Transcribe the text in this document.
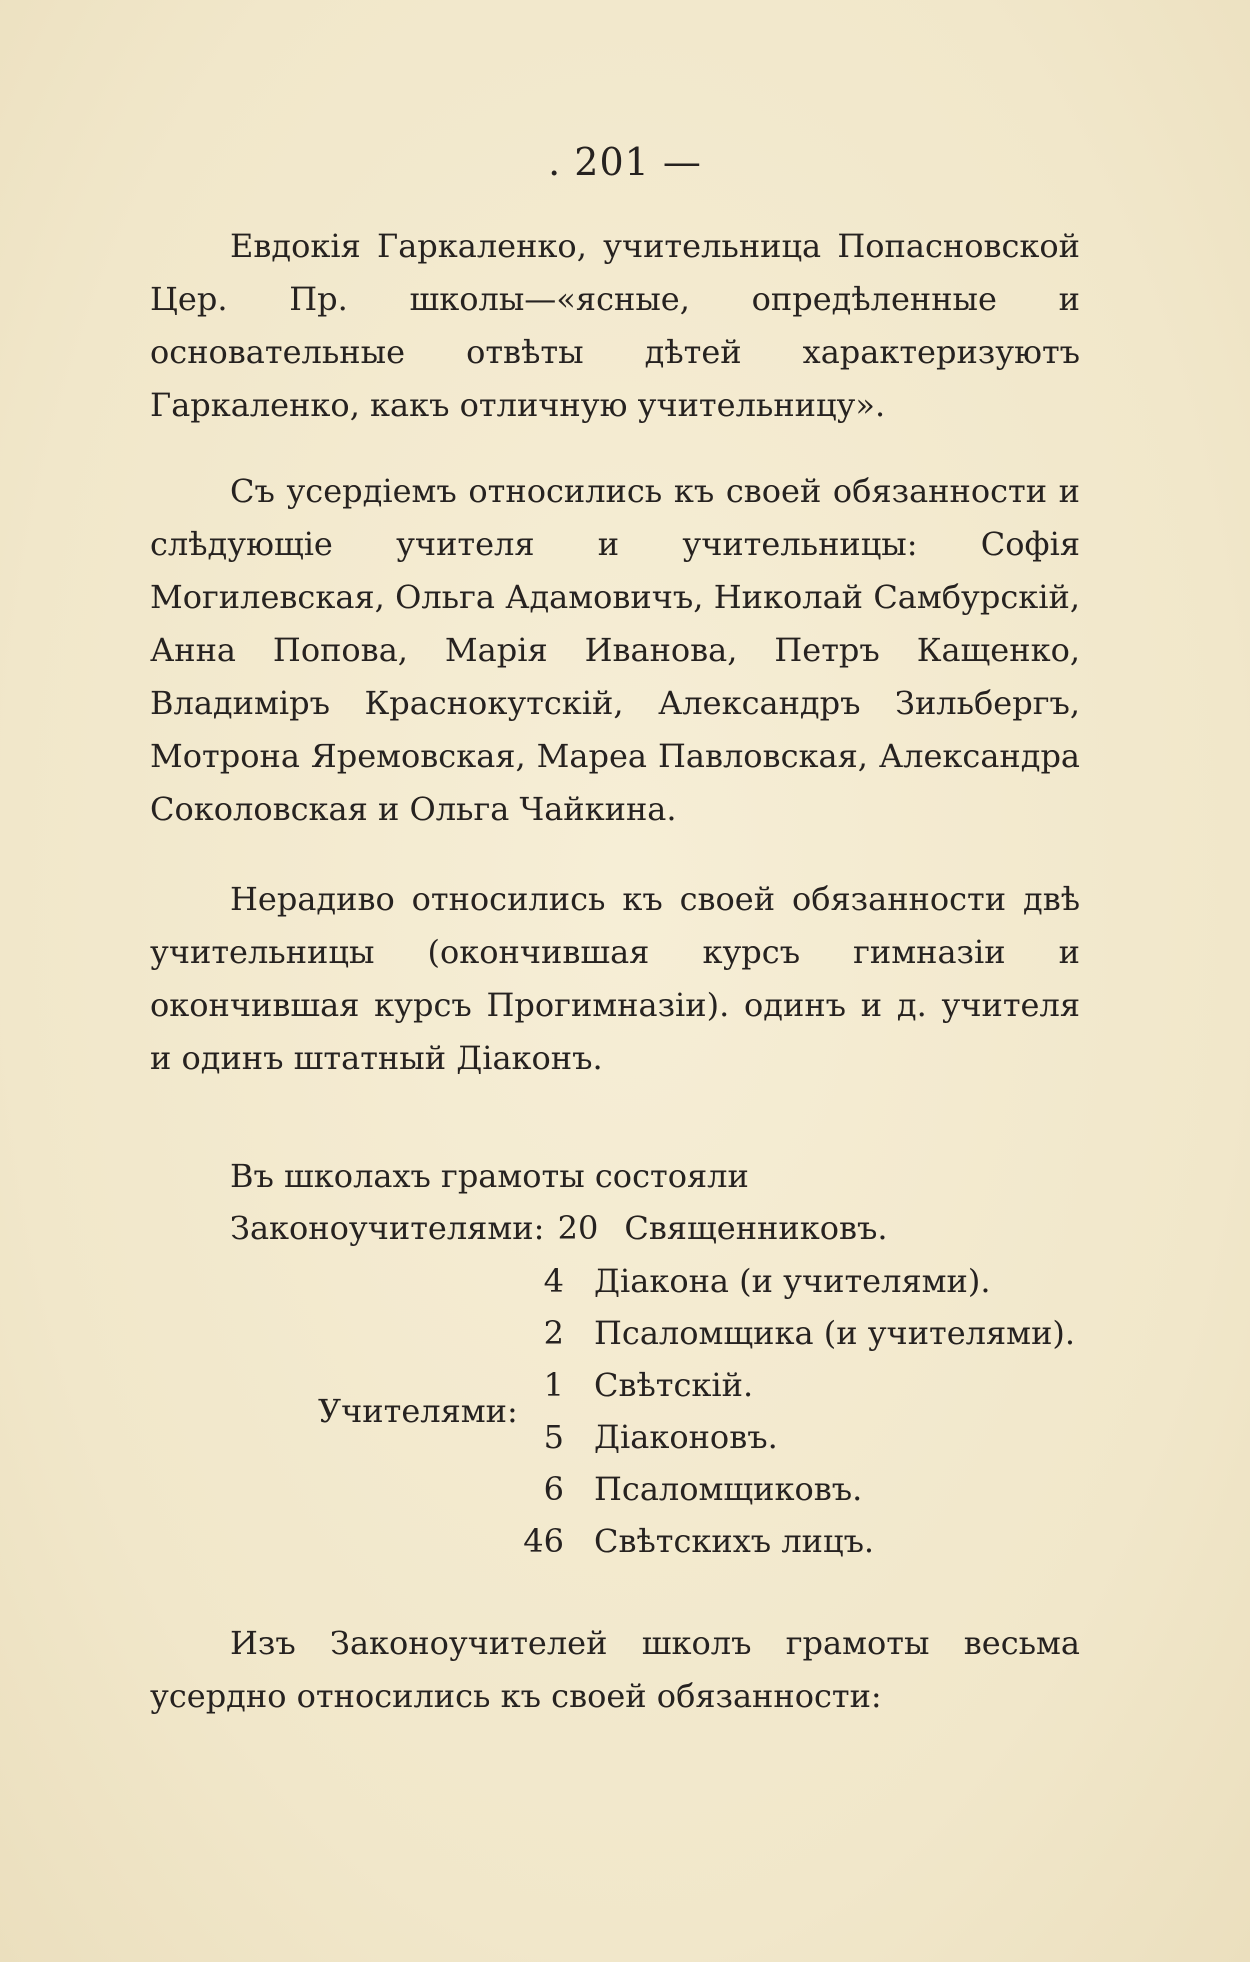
. 201 —
Евдокія Гаркаленко, учительница Попасновской Цер. Пр. школы—«ясные, опредѣленные и основательные отвѣты дѣтей характеризуютъ Гаркаленко, какъ отличную учительницу».
Съ усердіемъ относились къ своей обязанности и слѣдующіе учителя и учительницы: Софія Могилевская, Ольга Адамовичъ, Николай Самбурскій, Анна Попова, Марія Иванова, Петръ Кащенко, Владиміръ Краснокутскій, Александръ Зильбергъ, Мотрона Яремовская, Мареа Павловская, Александра Соколовская и Ольга Чайкина.
Нерадиво относились къ своей обязанности двѣ учительницы (окончившая курсъ гимназіи и окончившая курсъ Прогимназіи). одинъ и д. учителя и одинъ штатный Діаконъ.
Въ школахъ грамоты состояли
Законоучителями: 20 Священниковъ.
Учителями:
4 Діакона (и учителями).
2 Псаломщика (и учителями).
1 Свѣтскій.
5 Діаконовъ.
6 Псаломщиковъ.
46 Свѣтскихъ лицъ.
Изъ Законоучителей школъ грамоты весьма усердно относились къ своей обязанности:
